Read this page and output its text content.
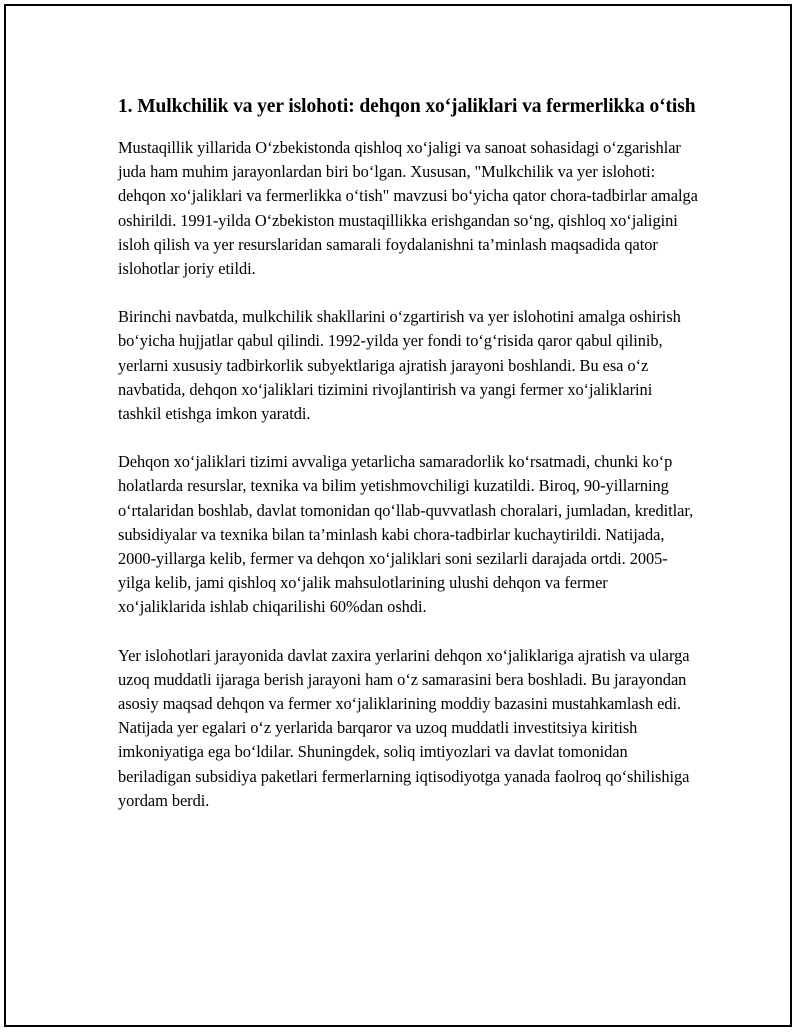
1. Mulkchilik va yer islohoti: dehqon xo‘jaliklari va fermerlikka o‘tish

Mustaqillik yillarida O‘zbekistonda qishloq xo‘jaligi va sanoat sohasidagi o‘zgarishlar juda ham muhim jarayonlardan biri bo‘lgan. Xususan, "Mulkchilik va yer islohoti: dehqon xo‘jaliklari va fermerlikka o‘tish" mavzusi bo‘yicha qator chora-tadbirlar amalga oshirildi. 1991-yilda O‘zbekiston mustaqillikka erishgandan so‘ng, qishloq xo‘jaligini isloh qilish va yer resurslaridan samarali foydalanishni ta’minlash maqsadida qator islohotlar joriy etildi.

Birinchi navbatda, mulkchilik shakllarini o‘zgartirish va yer islohotini amalga oshirish bo‘yicha hujjatlar qabul qilindi. 1992-yilda yer fondi to‘g‘risida qaror qabul qilinib, yerlarni xususiy tadbirkorlik subyektlariga ajratish jarayoni boshlandi. Bu esa o‘z navbatida, dehqon xo‘jaliklari tizimini rivojlantirish va yangi fermer xo‘jaliklarini tashkil etishga imkon yaratdi.

Dehqon xo‘jaliklari tizimi avvaliga yetarlicha samaradorlik ko‘rsatmadi, chunki ko‘p holatlarda resurslar, texnika va bilim yetishmovchiligi kuzatildi. Biroq, 90-yillarning o‘rtalaridan boshlab, davlat tomonidan qo‘llab-quvvatlash choralari, jumladan, kreditlar, subsidiyalar va texnika bilan ta’minlash kabi chora-tadbirlar kuchaytirildi. Natijada, 2000-yillarga kelib, fermer va dehqon xo‘jaliklari soni sezilarli darajada ortdi. 2005-yilga kelib, jami qishloq xo‘jalik mahsulotlarining ulushi dehqon va fermer xo‘jaliklarida ishlab chiqarilishi 60%dan oshdi.

Yer islohotlari jarayonida davlat zaxira yerlarini dehqon xo‘jaliklariga ajratish va ularga uzoq muddatli ijaraga berish jarayoni ham o‘z samarasini bera boshladi. Bu jarayondan asosiy maqsad dehqon va fermer xo‘jaliklarining moddiy bazasini mustahkamlash edi. Natijada yer egalari o‘z yerlarida barqaror va uzoq muddatli investitsiya kiritish imkoniyatiga ega bo‘ldilar. Shuningdek, soliq imtiyozlari va davlat tomonidan beriladigan subsidiya paketlari fermerlarning iqtisodiyotga yanada faolroq qo‘shilishiga yordam berdi.
